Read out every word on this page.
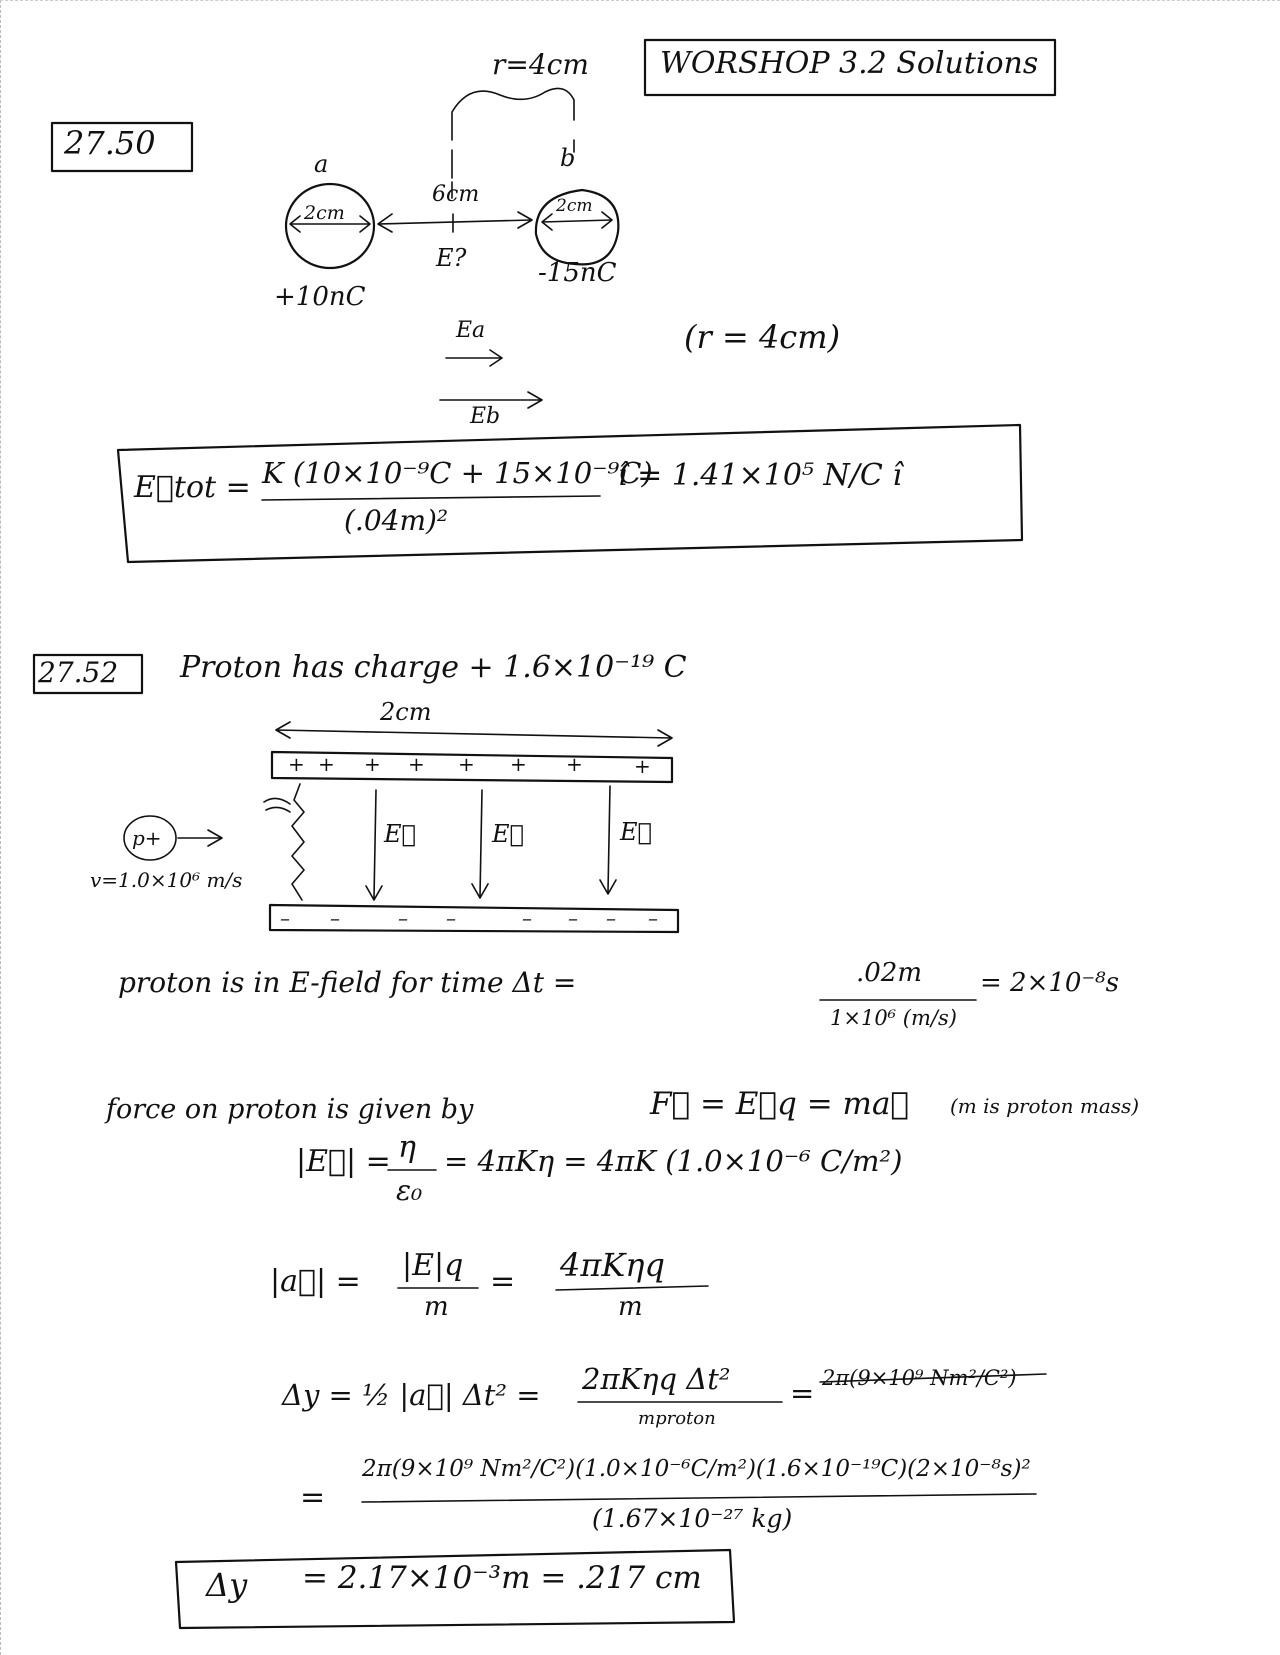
WORSHOP 3.2 Solutions
27.50
r=4cm
a	b
2cm	2cm
6cm
E?
+10nC
-15nC
Ea
Eb
(r = 4cm)
E⃗tot = K (10×10⁻⁹C + 15×10⁻⁹C)
(.04m)²
î = 1.41×10⁵ N/C î
27.52 Proton has charge + 1.6×10⁻¹⁹ C
2cm
+ + + + + + +	+
– –	– –	– – – –
E⃗	E⃗	E⃗
p+
v=1.0×10⁶ m/s
proton is in E-field for time Δt =	.02m
1×10⁶ (m/s)
= 2×10⁻⁸s
force on proton is given by	F⃗ = E⃗q = ma⃗ (m is proton mass)
|E⃗| = η
ε₀
= 4πKη = 4πK (1.0×10⁻⁶ C/m²)
|a⃗| = |E|q
m
= 4πKηq
m
Δy = ½ |a⃗| Δt² = 2πKηq Δt²
mproton
= 2π(9×10⁹ Nm²/C²)
=
2π(9×10⁹ Nm²/C²)(1.0×10⁻⁶C/m²)(1.6×10⁻¹⁹C)(2×10⁻⁸s)²
(1.67×10⁻²⁷ kg)
Δy = 2.17×10⁻³m = .217 cm
